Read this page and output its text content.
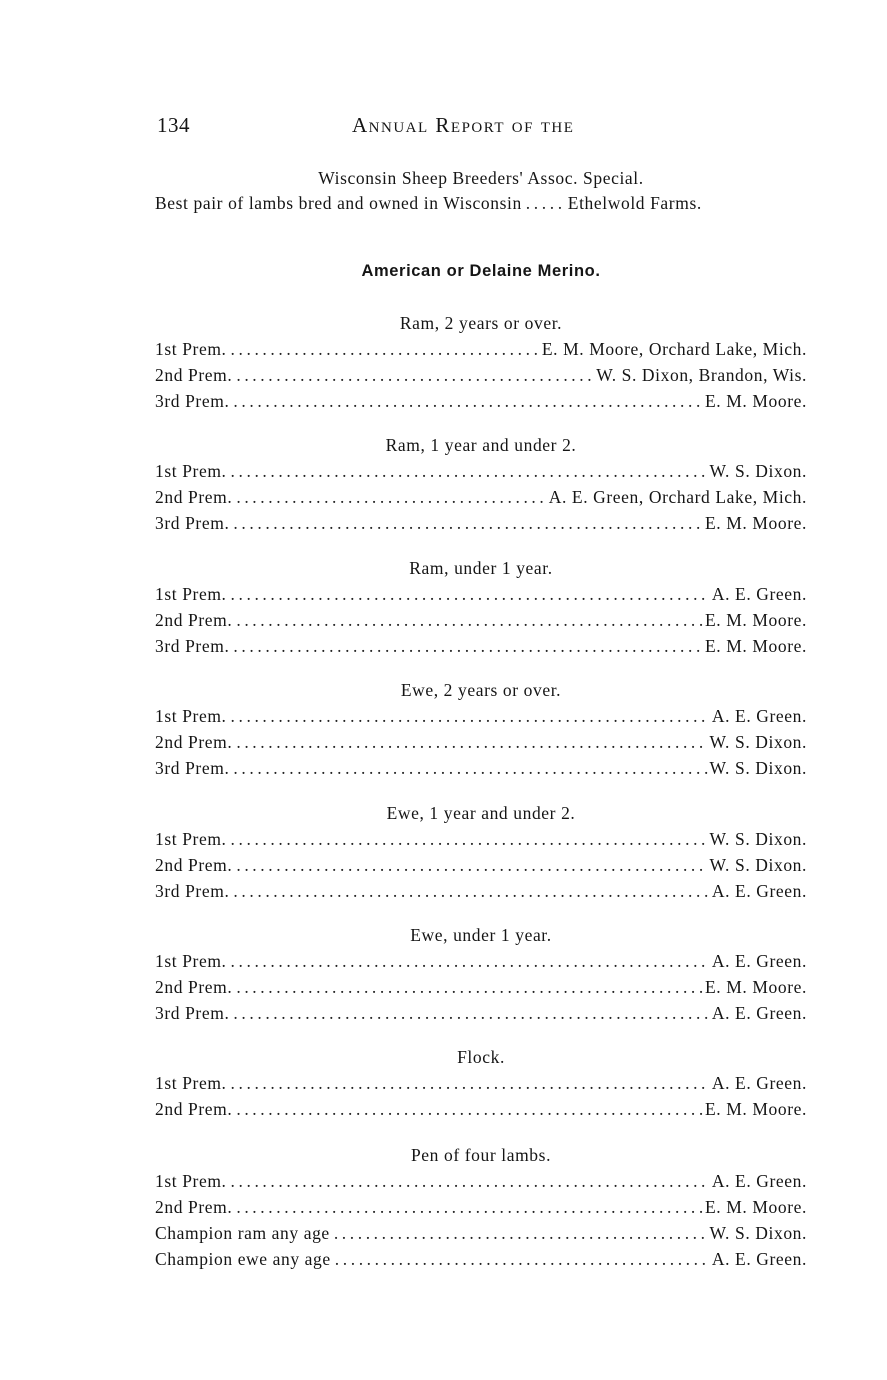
134	Annual Report of the
Wisconsin Sheep Breeders' Assoc. Special.
Best pair of lambs bred and owned in Wisconsin .....	Ethelwold Farms.
American or Delaine Merino.
Ram, 2 years or over.
1st Prem. .....	E. M. Moore, Orchard Lake, Mich.
2nd Prem. .....	W. S. Dixon, Brandon, Wis.
3rd Prem. .....	E. M. Moore.
Ram, 1 year and under 2.
1st Prem. .....	W. S. Dixon.
2nd Prem. .....	A. E. Green, Orchard Lake, Mich.
3rd Prem. .....	E. M. Moore.
Ram, under 1 year.
1st Prem. .....	A. E. Green.
2nd Prem. .....	E. M. Moore.
3rd Prem. .....	E. M. Moore.
Ewe, 2 years or over.
1st Prem. .....	A. E. Green.
2nd Prem. .....	W. S. Dixon.
3rd Prem. .....	W. S. Dixon.
Ewe, 1 year and under 2.
1st Prem. .....	W. S. Dixon.
2nd Prem. .....	W. S. Dixon.
3rd Prem. .....	A. E. Green.
Ewe, under 1 year.
1st Prem. .....	A. E. Green.
2nd Prem. .....	E. M. Moore.
3rd Prem. .....	A. E. Green.
Flock.
1st Prem. .....	A. E. Green.
2nd Prem. .....	E. M. Moore.
Pen of four lambs.
1st Prem. .....	A. E. Green.
2nd Prem. .....	E. M. Moore.
Champion ram any age .....	W. S. Dixon.
Champion ewe any age .....	A. E. Green.
